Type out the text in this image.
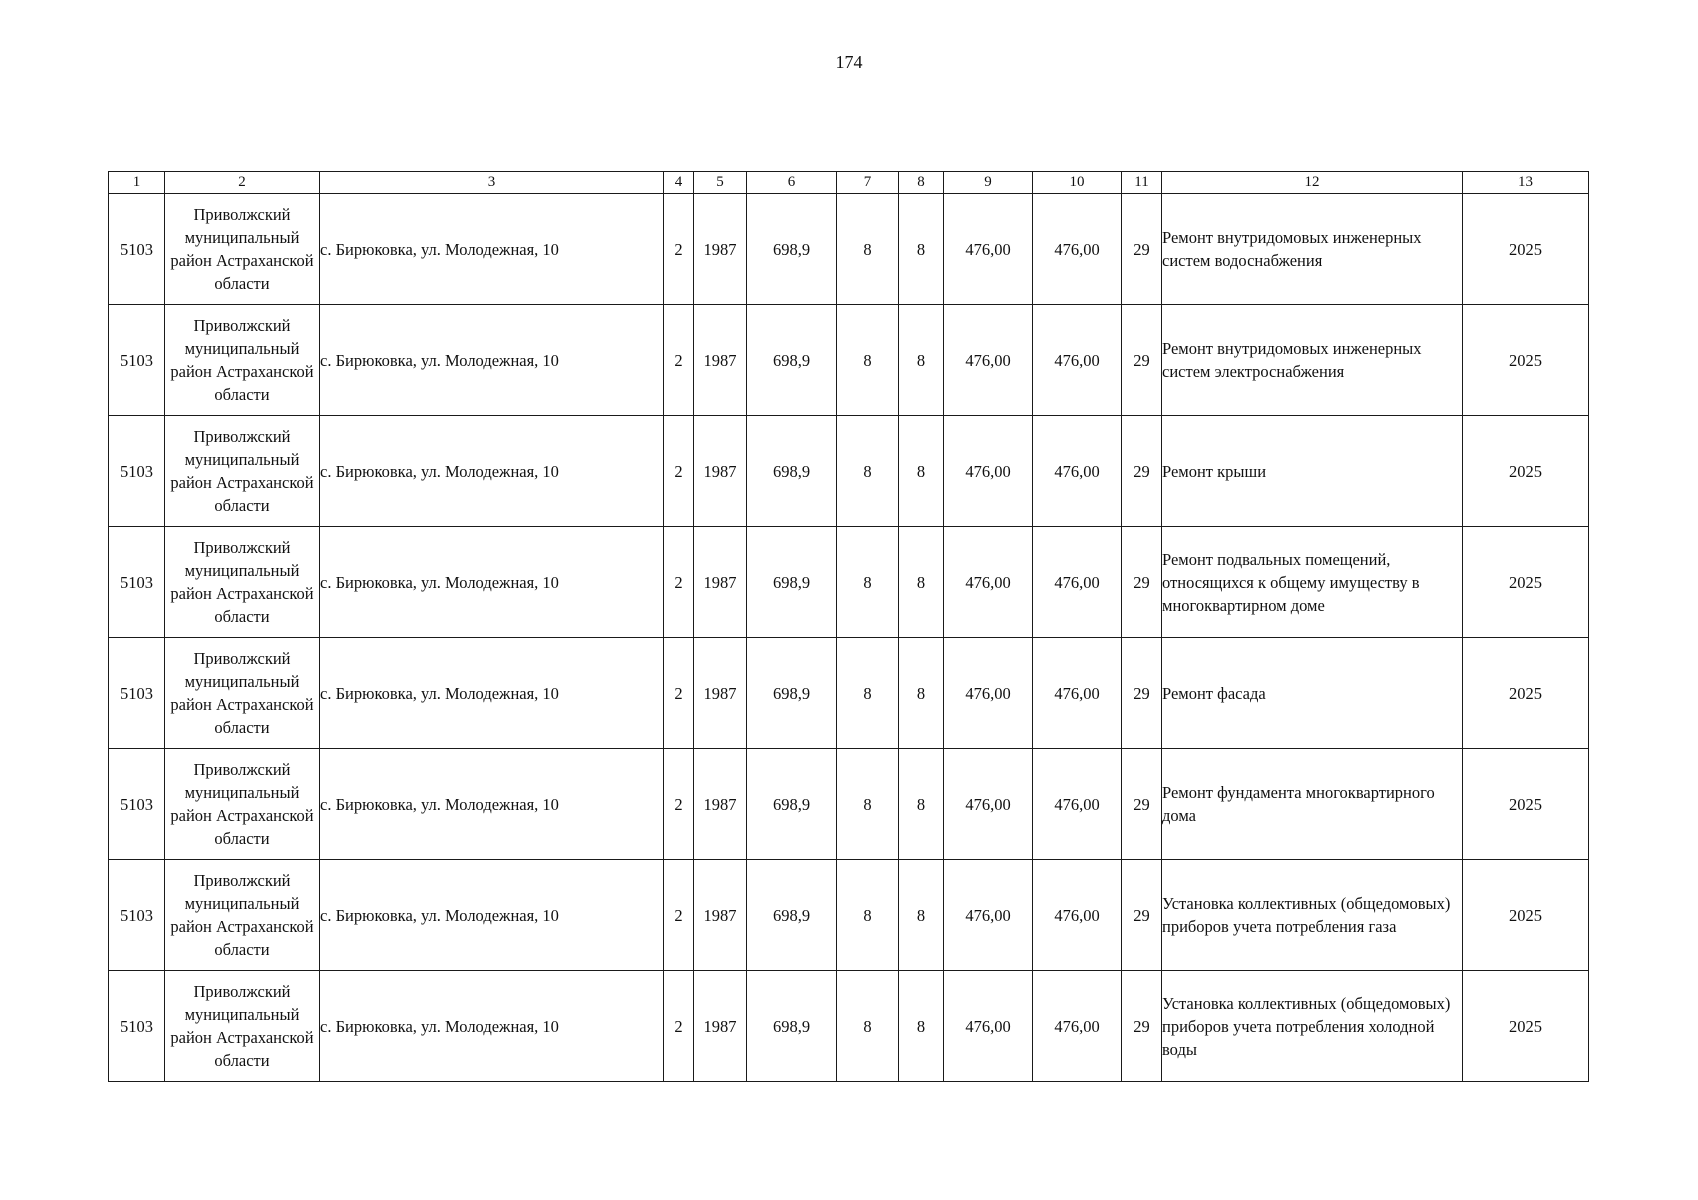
174
1	2	3	4	5	6	7	8	9	10	11	12	13
5103	Приволжский муниципальный район Астраханской области	с. Бирюковка, ул. Молодежная, 10	2	1987	698,9	8	8	476,00	476,00	29	Ремонт внутридомовых инженерных систем водоснабжения	2025
5103	Приволжский муниципальный район Астраханской области	с. Бирюковка, ул. Молодежная, 10	2	1987	698,9	8	8	476,00	476,00	29	Ремонт внутридомовых инженерных систем электроснабжения	2025
5103	Приволжский муниципальный район Астраханской области	с. Бирюковка, ул. Молодежная, 10	2	1987	698,9	8	8	476,00	476,00	29	Ремонт крыши	2025
5103	Приволжский муниципальный район Астраханской области	с. Бирюковка, ул. Молодежная, 10	2	1987	698,9	8	8	476,00	476,00	29	Ремонт подвальных помещений, относящихся к общему имуществу в многоквартирном доме	2025
5103	Приволжский муниципальный район Астраханской области	с. Бирюковка, ул. Молодежная, 10	2	1987	698,9	8	8	476,00	476,00	29	Ремонт фасада	2025
5103	Приволжский муниципальный район Астраханской области	с. Бирюковка, ул. Молодежная, 10	2	1987	698,9	8	8	476,00	476,00	29	Ремонт фундамента многоквартирного дома	2025
5103	Приволжский муниципальный район Астраханской области	с. Бирюковка, ул. Молодежная, 10	2	1987	698,9	8	8	476,00	476,00	29	Установка коллективных (общедомовых) приборов учета потребления газа	2025
5103	Приволжский муниципальный район Астраханской области	с. Бирюковка, ул. Молодежная, 10	2	1987	698,9	8	8	476,00	476,00	29	Установка коллективных (общедомовых) приборов учета потребления холодной воды	2025
